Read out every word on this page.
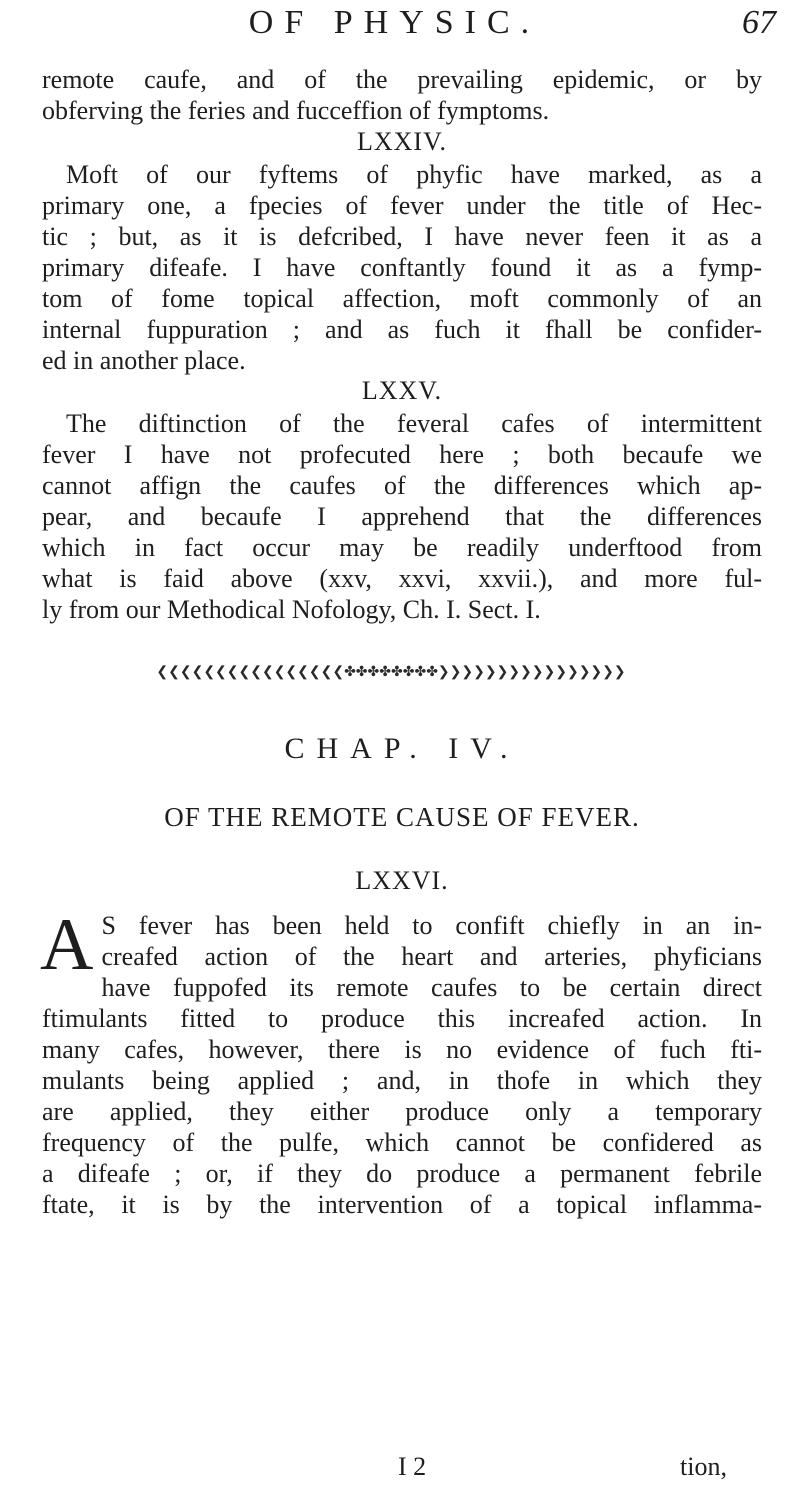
OF PHYSIC.	67
remote caufe, and of the prevailing epidemic, or by
obferving the feries and fucceffion of fymptoms.
LXXIV.
Moft of our fyftems of phyfic have marked, as a
primary one, a fpecies of fever under the title of Hec-
tic ; but, as it is defcribed, I have never feen it as a
primary difeafe. I have conftantly found it as a fymp-
tom of fome topical affection, moft commonly of an
internal fuppuration ; and as fuch it fhall be confider-
ed in another place.
LXXV.
The diftinction of the feveral cafes of intermittent
fever I have not profecuted here ; both becaufe we
cannot affign the caufes of the differences which ap-
pear, and becaufe I apprehend that the differences
which in fact occur may be readily underftood from
what is faid above (xxv, xxvi, xxvii.), and more ful-
ly from our Methodical Nofology, Ch. I. Sect. I.
❮❮❮❮❮❮❮❮❮❮❮❮❮❮❮❮✤✤✤✤✤✤✤✤❯❯❯❯❯❯❯❯❯❯❯❯❯❯❯❯
CHAP. IV.
OF THE REMOTE CAUSE OF FEVER.
LXXVI.
A S fever has been held to confift chiefly in an in-
creafed action of the heart and arteries, phyficians
have fuppofed its remote caufes to be certain direct
ftimulants fitted to produce this increafed action. In
many cafes, however, there is no evidence of fuch fti-
mulants being applied ; and, in thofe in which they
are applied, they either produce only a temporary
frequency of the pulfe, which cannot be confidered as
a difeafe ; or, if they do produce a permanent febrile
ftate, it is by the intervention of a topical inflamma-
I 2	tion,
